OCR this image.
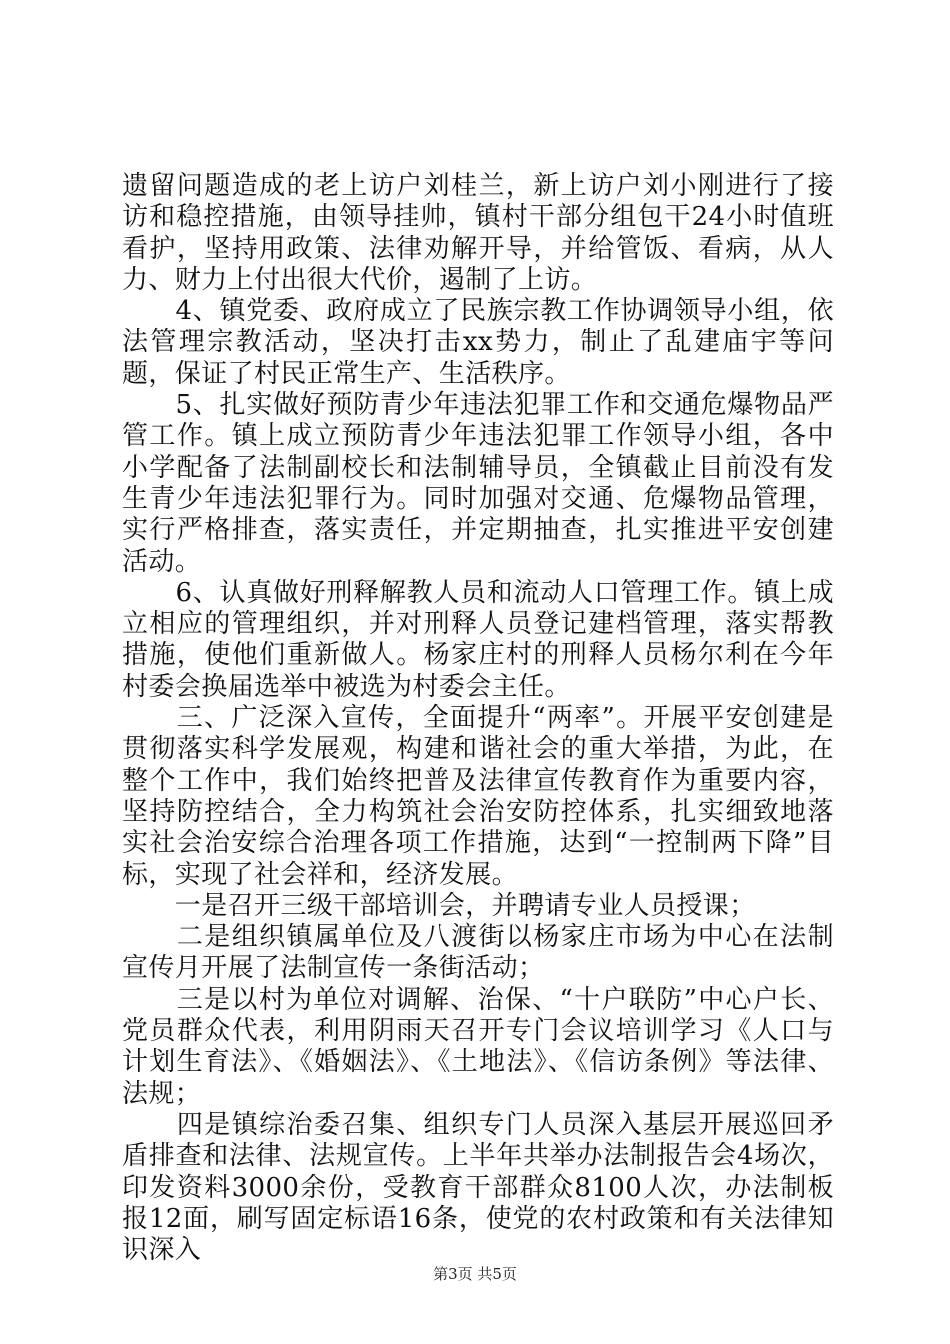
遗留问题造成的老上访户刘桂兰，新上访户刘小刚进行了接访和稳控措施，由领导挂帅，镇村干部分组包干24小时值班看护，坚持用政策、法律劝解开导，并给管饭、看病，从人力、财力上付出很大代价，遏制了上访。

　　4、镇党委、政府成立了民族宗教工作协调领导小组，依法管理宗教活动，坚决打击xx势力，制止了乱建庙宇等问题，保证了村民正常生产、生活秩序。

　　5、扎实做好预防青少年违法犯罪工作和交通危爆物品严管工作。镇上成立预防青少年违法犯罪工作领导小组，各中小学配备了法制副校长和法制辅导员，全镇截止目前没有发生青少年违法犯罪行为。同时加强对交通、危爆物品管理，实行严格排查，落实责任，并定期抽查，扎实推进平安创建活动。

　　6、认真做好刑释解教人员和流动人口管理工作。镇上成立相应的管理组织，并对刑释人员登记建档管理，落实帮教措施，使他们重新做人。杨家庄村的刑释人员杨尔利在今年村委会换届选举中被选为村委会主任。

　　三、广泛深入宣传，全面提升“两率”。开展平安创建是贯彻落实科学发展观，构建和谐社会的重大举措，为此，在整个工作中，我们始终把普及法律宣传教育作为重要内容，坚持防控结合，全力构筑社会治安防控体系，扎实细致地落实社会治安综合治理各项工作措施，达到“一控制两下降”目标，实现了社会祥和，经济发展。

　　一是召开三级干部培训会，并聘请专业人员授课；

　　二是组织镇属单位及八渡街以杨家庄市场为中心在法制宣传月开展了法制宣传一条街活动；

　　三是以村为单位对调解、治保、“十户联防”中心户长、党员群众代表，利用阴雨天召开专门会议培训学习《人口与计划生育法》、《婚姻法》、《土地法》、《信访条例》等法律、法规；

　　四是镇综治委召集、组织专门人员深入基层开展巡回矛盾排查和法律、法规宣传。上半年共举办法制报告会4场次，印发资料3000余份，受教育干部群众8100人次，办法制板报12面，刷写固定标语16条，使党的农村政策和有关法律知识深入

第3页 共5页
